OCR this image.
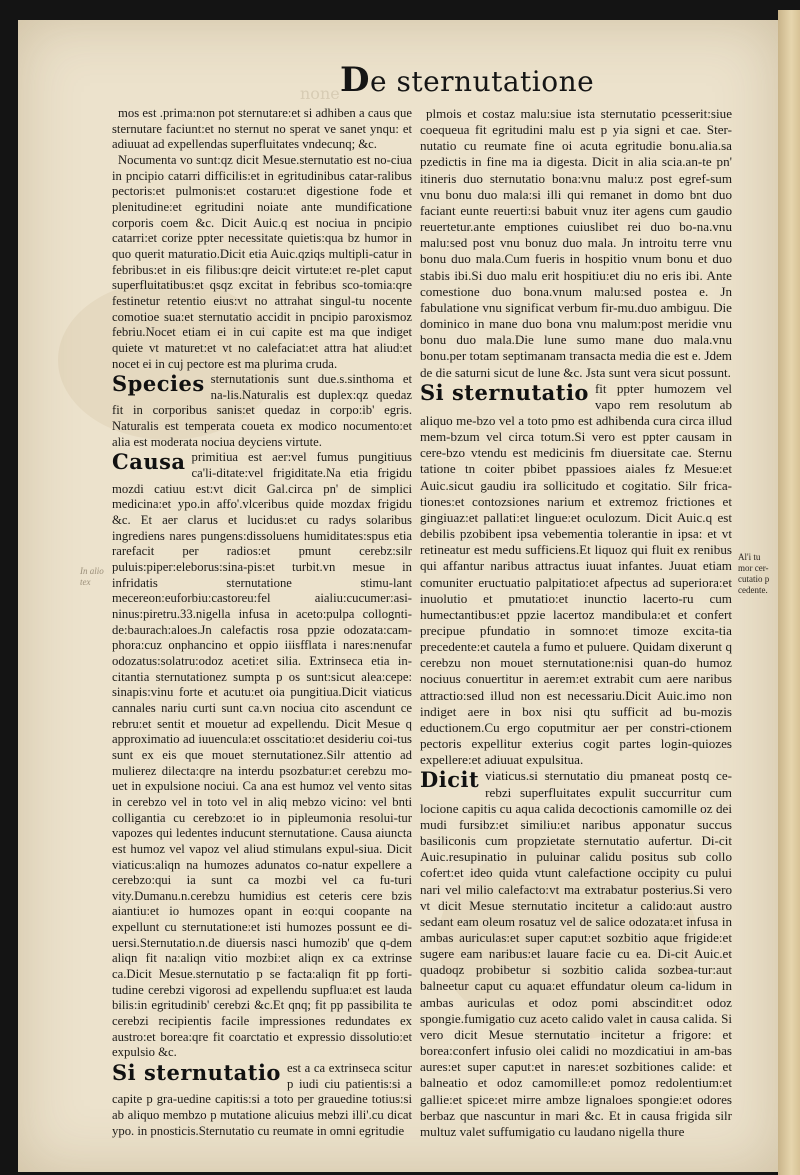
none De sternutatione
In alio tex
Al'i tu mor cer-cutatio p cedente.

mos est .prima:non pot sternutare:et si adhiben a caus que sternutare faciunt:et no sternut no sperat ve sanet ynqu: et adiuuat ad expellendas superfluitates vndecunq; &c.

Nocumenta vo sunt:qz dicit Mesue.sternutatio est no-ciua in pncipio catarri difficilis:et in egritudinibus catar-ralibus pectoris:et pulmonis:et costaru:et digestione fode et plenitudine:et egritudini noiate ante mundificatione corporis coem &c. Dicit Auic.q est nociua in pncipio catarri:et corize ppter necessitate quietis:qua bz humor in quo querit maturatio.Dicit etia Auic.qziqs multipli-catur in febribus:et in eis filibus:qre deicit virtute:et re-plet caput superfluitatibus:et qsqz excitat in febribus sco-tomia:qre festinetur retentio eius:vt no attrahat singul-tu nocente comotioe sua:et sternutatio accidit in pncipio paroxismoz febriu.Nocet etiam ei in cui capite est ma que indiget quiete vt maturet:et vt no calefaciat:et attra hat aliud:et nocet ei in cuj pectore est ma plurima cruda.

Species sternutationis sunt due.s.sinthoma et na-lis.Naturalis est duplex:qz quedaz fit in corporibus sanis:et quedaz in corpo:ib' egris. Naturalis est temperata coueta ex modico nocumento:et alia est moderata nociua deyciens virtute.

Causa primitiua est aer:vel fumus pungitiuus ca'li-ditate:vel frigiditate.Na etia frigidu mozdi catiuu est:vt dicit Gal.circa pn' de simplici medicina:et ypo.in affo'.vlceribus quide mozdax frigidu &c. Et aer clarus et lucidus:et cu radys solaribus ingrediens nares pungens:dissoluens humiditates:spus etia rarefacit per radios:et pmunt cerebz:silr puluis:piper:eleborus:sina-pis:et turbit.vn mesue in infridatis sternutatione stimu-lant mecereon:euforbiu:castoreu:fel aialiu:cucumer:asi-ninus:piretru.33.nigella infusa in aceto:pulpa collognti-de:baurach:aloes.Jn calefactis rosa ppzie odozata:cam-phora:cuz onphancino et oppio iiisfflata i nares:nenufar odozatus:solatru:odoz aceti:et silia. Extrinseca etia in-citantia sternutationez sumpta p os sunt:sicut alea:cepe: sinapis:vinu forte et acutu:et oia pungitiua.Dicit viaticus cannales nariu curti sunt ca.vn nociua cito ascendunt ce rebru:et sentit et mouetur ad expellendu. Dicit Mesue q approximatio ad iuuencula:et osscitatio:et desideriu coi-tus sunt ex eis que mouet sternutationez.Silr attentio ad mulierez dilecta:qre na interdu psozbatur:et cerebzu mo-uet in expulsione nociui. Ca ana est humoz vel vento sitas in cerebzo vel in toto vel in aliq mebzo vicino: vel bnti colligantia cu cerebzo:et io in pipleumonia resolui-tur vapozes qui ledentes inducunt sternutatione. Causa aiuncta est humoz vel vapoz vel aliud stimulans expul-siua. Dicit viaticus:aliqn na humozes adunatos co-natur expellere a cerebzo:qui ia sunt ca mozbi vel ca fu-turi vity.Dumanu.n.cerebzu humidius est ceteris cere bzis aiantiu:et io humozes opant in eo:qui coopante na expellunt cu sternutatione:et isti humozes possunt ee di-uersi.Sternutatio.n.de diuersis nasci humozib' que q-dem aliqn fit na:aliqn vitio mozbi:et aliqn ex ca extrinse ca.Dicit Mesue.sternutatio p se facta:aliqn fit pp forti-tudine cerebzi vigorosi ad expellendu supflua:et est lauda bilis:in egritudinib' cerebzi &c.Et qnq; fit pp passibilita te cerebzi recipientis facile impressiones redundates ex austro:et borea:qre fit coarctatio et expressio dissolutio:et expulsio &c.

Si sternutatio est a ca extrinseca scitur p iudi ciu patientis:si a capite p gra-uedine capitis:si a toto per grauedine totius:si ab aliquo membzo p mutatione alicuius mebzi illi'.cu dicat ypo. in pnosticis.Sternutatio cu reumate in omni egritudie

plmois et costaz malu:siue ista sternutatio pcesserit:siue coequeua fit egritudini malu est p yia signi et cae. Ster-nutatio cu reumate fine oi acuta egritudie bonu.alia.sa pzedictis in fine ma ia digesta. Dicit in alia scia.an-te pn' itineris duo sternutatio bona:vnu malu:z post egref-sum vnu bonu duo mala:si illi qui remanet in domo bnt duo faciant eunte reuerti:si babuit vnuz iter agens cum gaudio reuertetur.ante emptiones cuiuslibet rei duo bo-na.vnu malu:sed post vnu bonuz duo mala. Jn introitu terre vnu bonu duo mala.Cum fueris in hospitio vnum bonu et duo stabis ibi.Si duo malu erit hospitiu:et diu no eris ibi. Ante comestione duo bona.vnum malu:sed postea e. Jn fabulatione vnu significat verbum fir-mu.duo ambiguu. Die dominico in mane duo bona vnu malum:post meridie vnu bonu duo mala.Die lune sumo mane duo mala.vnu bonu.per totam septimanam transacta media die est e. Jdem de die saturni sicut de lune &c. Jsta sunt vera sicut possunt.

Si sternutatio fit ppter humozem vel vapo rem resolutum ab aliquo me-bzo vel a toto pmo est adhibenda cura circa illud mem-bzum vel circa totum.Si vero est ppter causam in cere-bzo vtendu est medicinis fm diuersitate cae. Sternu tatione tn coiter pbibet ppassioes aiales fz Mesue:et Auic.sicut gaudiu ira sollicitudo et cogitatio. Silr frica-tiones:et contozsiones narium et extremoz frictiones et gingiuaz:et pallati:et lingue:et oculozum. Dicit Auic.q est debilis pzobibent ipsa vebementia tolerantie in ipsa: et vt retineatur est medu sufficiens.Et liquoz qui fluit ex renibus qui affantur naribus attractus iuuat infantes. Juuat etiam comuniter eructuatio palpitatio:et afpectus ad superiora:et inuolutio et pmutatio:et inunctio lacerto-ru cum humectantibus:et ppzie lacertoz mandibula:et et confert precipue pfundatio in somno:et timoze excita-tia precedente:et cautela a fumo et puluere. Quidam dixerunt q cerebzu non mouet sternutatione:nisi quan-do humoz nociuus conuertitur in aerem:et extrabit cum aere naribus attractio:sed illud non est necessariu.Dicit Auic.imo non indiget aere in box nisi qtu sufficit ad bu-mozis eductionem.Cu ergo coputmitur aer per constri-ctionem pectoris expellitur exterius cogit partes login-quiozes expellere:et adiuuat expulsitua.

Dicit viaticus.si sternutatio diu pmaneat postq ce-rebzi superfluitates expulit succurritur cum locione capitis cu aqua calida decoctionis camomille oz dei mudi fursibz:et similiu:et naribus apponatur succus basiliconis cum propzietate sternutatio aufertur. Di-cit Auic.resupinatio in puluinar calidu positus sub collo cofert:et ideo quida vtunt calefactione occipity cu pului nari vel milio calefacto:vt ma extrabatur posterius.Si vero vt dicit Mesue sternutatio incitetur a calido:aut austro sedant eam oleum rosatuz vel de salice odozata:et infusa in ambas auriculas:et super caput:et sozbitio aque frigide:et sugere eam naribus:et lauare facie cu ea. Di-cit Auic.et quadoqz probibetur si sozbitio calida sozbea-tur:aut balneetur caput cu aqua:et effundatur oleum ca-lidum in ambas auriculas et odoz pomi abscindit:et odoz spongie.fumigatio cuz aceto calido valet in causa calida. Si vero dicit Mesue sternutatio incitetur a frigore: et borea:confert infusio olei calidi no mozdicatiui in am-bas aures:et super caput:et in nares:et sozbitiones calide: et balneatio et odoz camomille:et pomoz redolentium:et gallie:et spice:et mirre ambze lignaloes spongie:et odores berbaz que nascuntur in mari &c. Et in causa frigida silr multuz valet suffumigatio cu laudano nigella thure
